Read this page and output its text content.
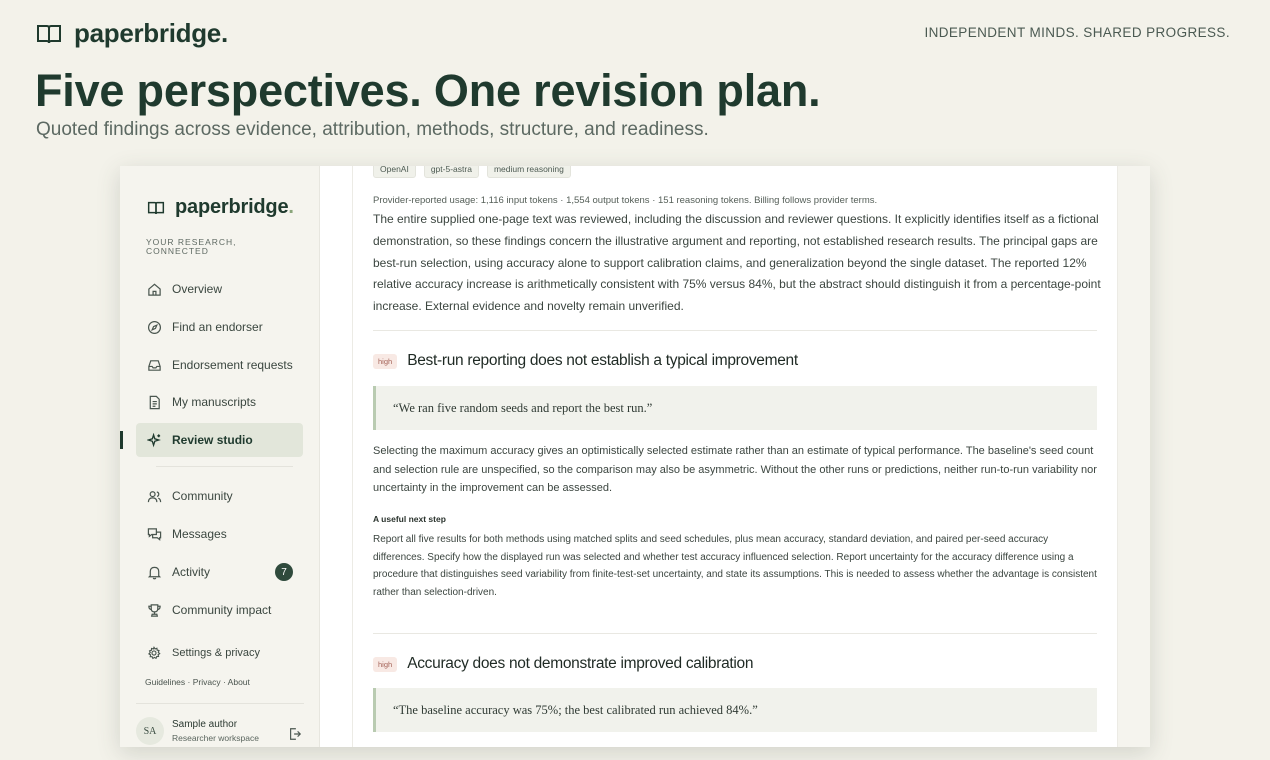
paperbridge.	INDEPENDENT MINDS. SHARED PROGRESS.
Five perspectives. One revision plan.
Quoted findings across evidence, attribution, methods, structure, and readiness.
paperbridge.
YOUR RESEARCH, CONNECTED
Overview
Find an endorser
Endorsement requests
My manuscripts
Review studio
Community
Messages
Activity	7
Community impact
Settings & privacy
Guidelines · Privacy · About
SA
Sample author
Researcher workspace
OpenAI	gpt-5-astra	medium reasoning
Provider-reported usage: 1,116 input tokens · 1,554 output tokens · 151 reasoning tokens. Billing follows provider terms.

The entire supplied one-page text was reviewed, including the discussion and reviewer questions. It explicitly identifies itself as a fictional demonstration, so these findings concern the illustrative argument and reporting, not established research results. The principal gaps are best-run selection, using accuracy alone to support calibration claims, and generalization beyond the single dataset. The reported 12% relative accuracy increase is arithmetically consistent with 75% versus 84%, but the abstract should distinguish it from a percentage-point increase. External evidence and novelty remain unverified.

high Best-run reporting does not establish a typical improvement
“We ran five random seeds and report the best run.”

Selecting the maximum accuracy gives an optimistically selected estimate rather than an estimate of typical performance. The baseline's seed count and selection rule are unspecified, so the comparison may also be asymmetric. Without the other runs or predictions, neither run-to-run variability nor uncertainty in the improvement can be assessed.

A useful next step

Report all five results for both methods using matched splits and seed schedules, plus mean accuracy, standard deviation, and paired per-seed accuracy differences. Specify how the displayed run was selected and whether test accuracy influenced selection. Report uncertainty for the accuracy difference using a procedure that distinguishes seed variability from finite-test-set uncertainty, and state its assumptions. This is needed to assess whether the advantage is consistent rather than selection-driven.

high Accuracy does not demonstrate improved calibration
“The baseline accuracy was 75%; the best calibrated run achieved 84%.”
